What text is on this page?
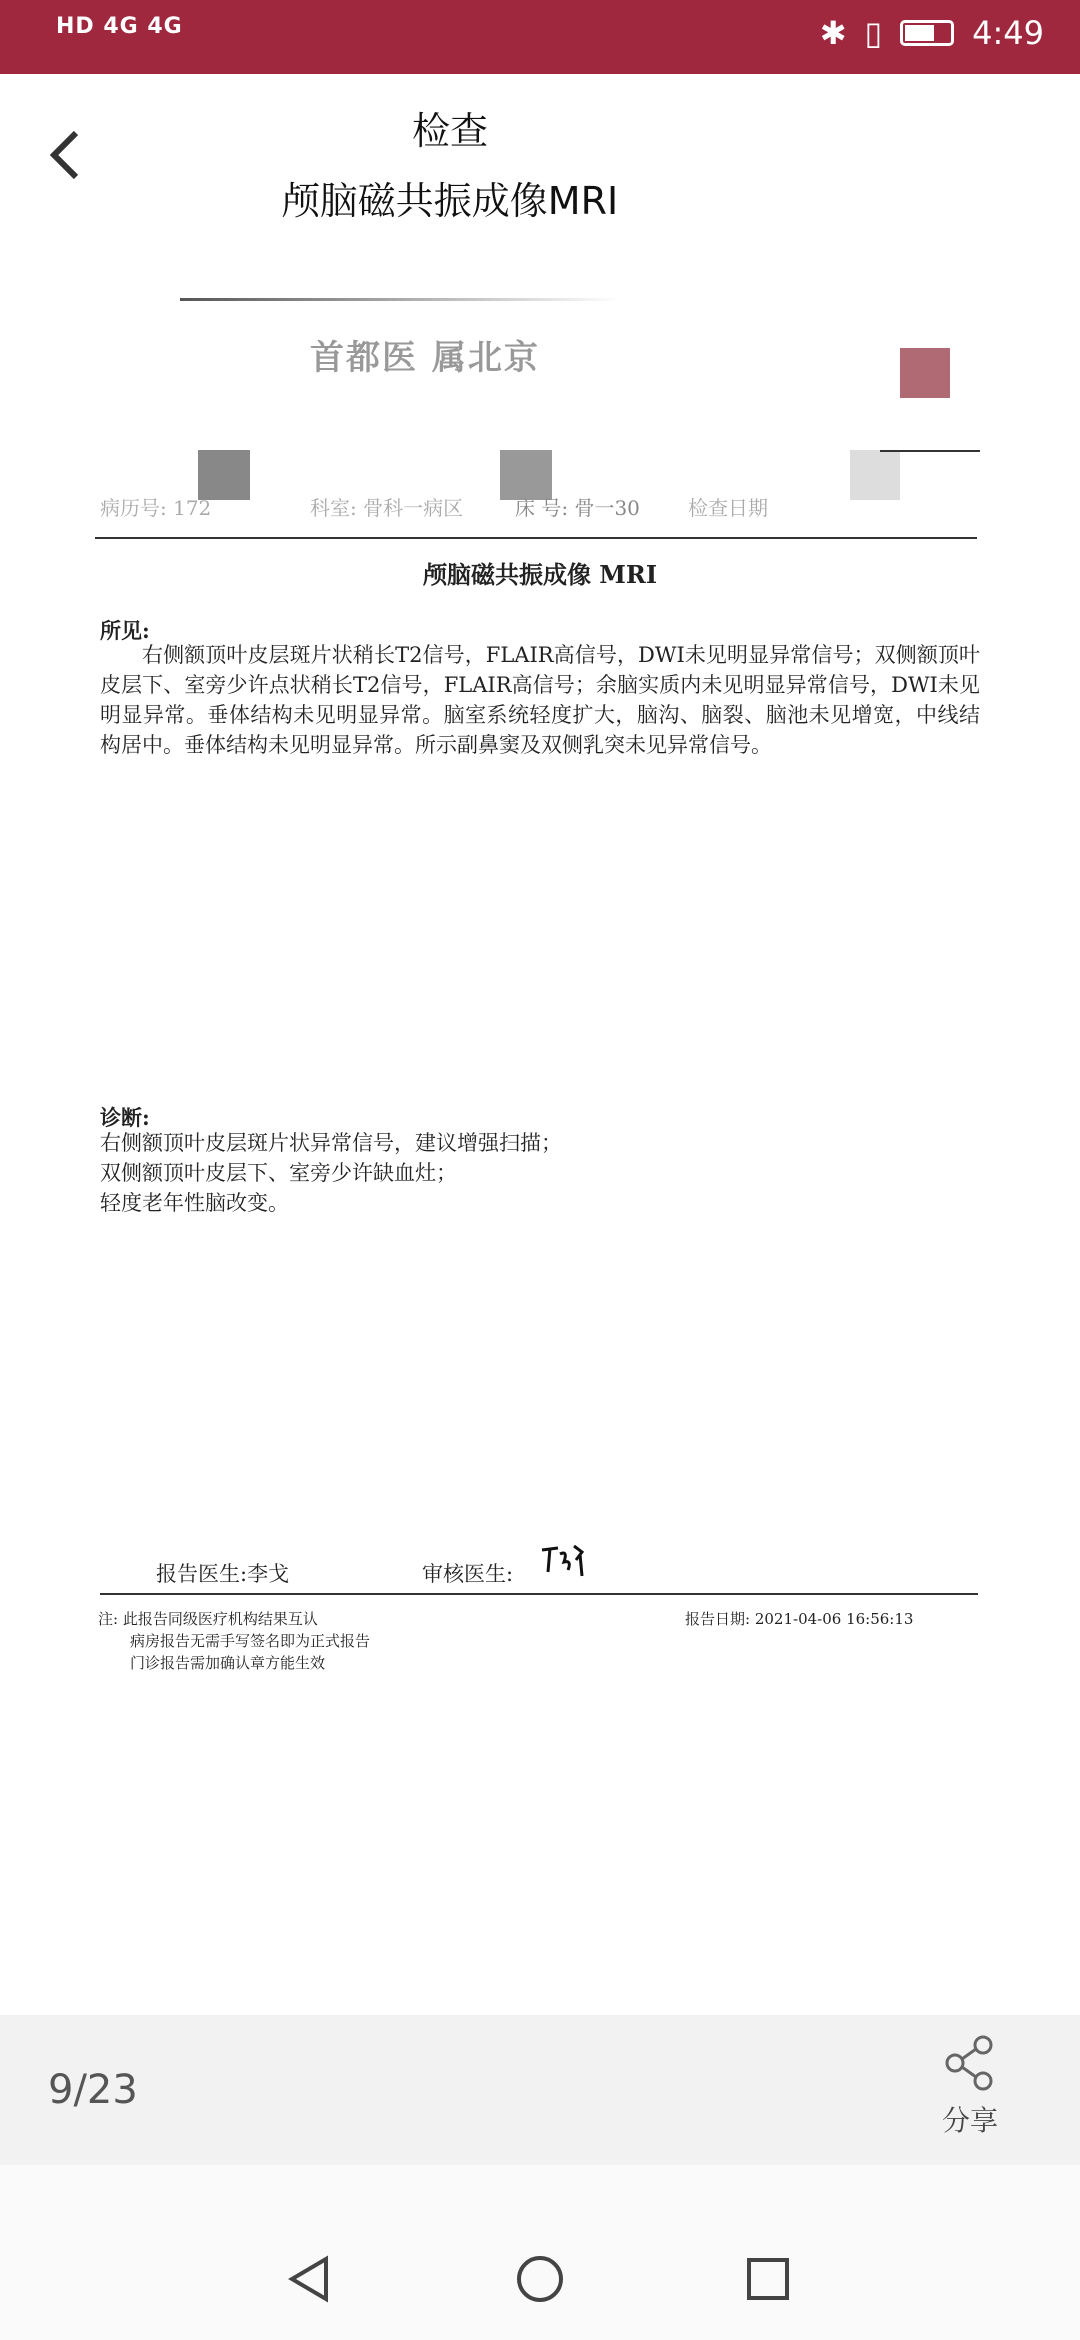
HD 4G 4G	✱ ▯	4:49
检查
颅脑磁共振成像MRI
首都医 属北京
病历号: 172	科室: 骨科一病区	床 号: 骨一30 检查日期
颅脑磁共振成像 MRI
所见:
右侧额顶叶皮层斑片状稍长T2信号，FLAIR高信号，DWI未见明显异常信号；双侧额顶叶皮层下、室旁少许点状稍长T2信号，FLAIR高信号；余脑实质内未见明显异常信号，DWI未见明显异常。垂体结构未见明显异常。脑室系统轻度扩大，脑沟、脑裂、脑池未见增宽，中线结构居中。垂体结构未见明显异常。所示副鼻窦及双侧乳突未见异常信号。
诊断:
右侧额顶叶皮层斑片状异常信号，建议增强扫描；
双侧额顶叶皮层下、室旁少许缺血灶；
轻度老年性脑改变。
报告医生:李戈	审核医生:
注: 此报告同级医疗机构结果互认
病房报告无需手写签名即为正式报告
门诊报告需加确认章方能生效
报告日期: 2021-04-06 16:56:13
9/23
分享
